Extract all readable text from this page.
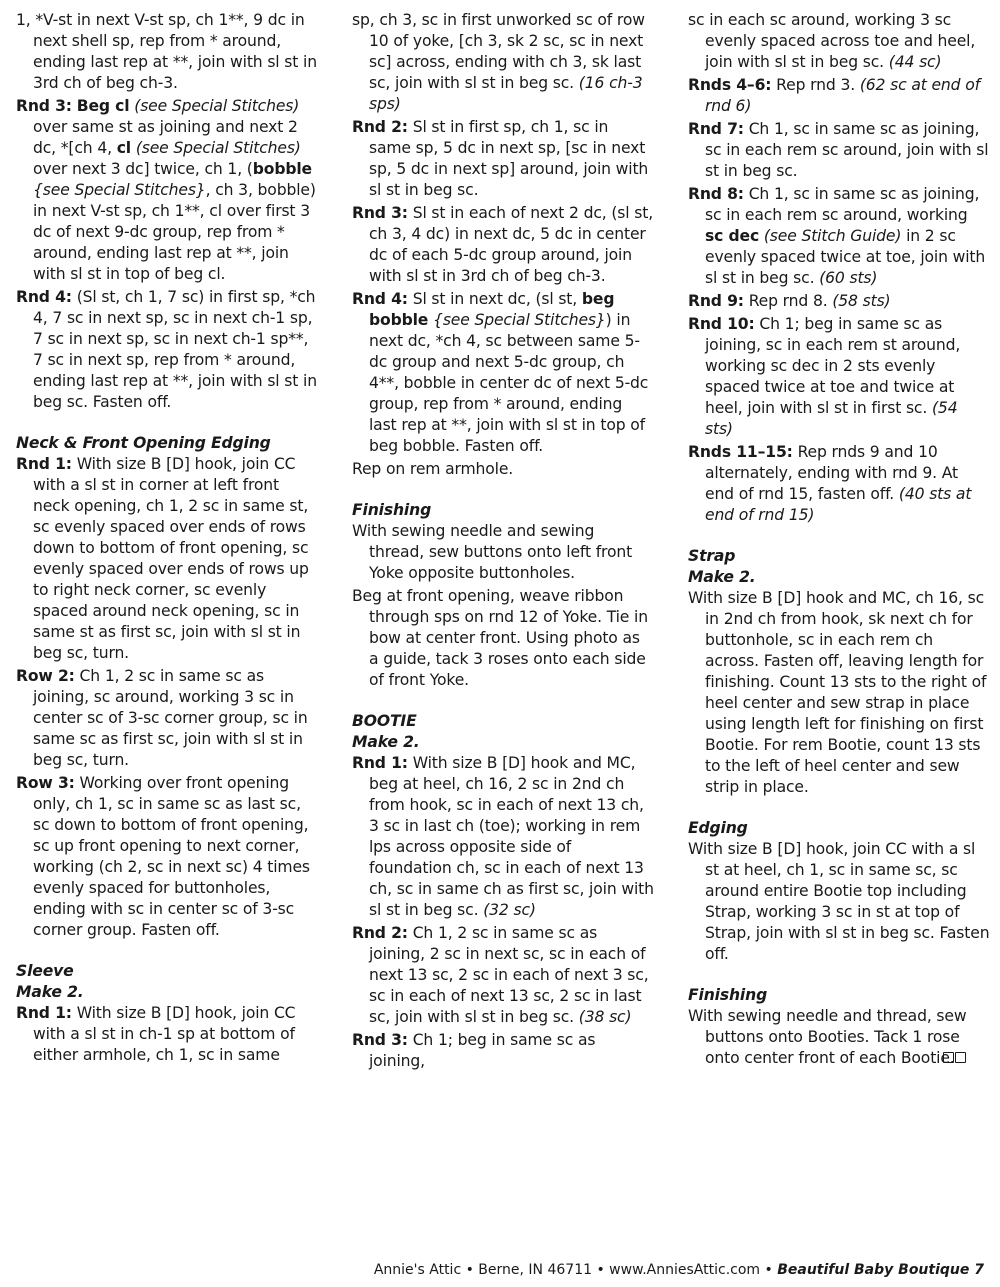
1, *V-st in next V-st sp, ch 1**, 9 dc in next shell sp, rep from * around, ending last rep at **, join with sl st in 3rd ch of beg ch-3.

Rnd 3: Beg cl (see Special Stitches) over same st as joining and next 2 dc, *[ch 4, cl (see Special Stitches) over next 3 dc] twice, ch 1, (bobble {see Special Stitches}, ch 3, bobble) in next V-st sp, ch 1**, cl over first 3 dc of next 9-dc group, rep from * around, ending last rep at **, join with sl st in top of beg cl.

Rnd 4: (Sl st, ch 1, 7 sc) in first sp, *ch 4, 7 sc in next sp, sc in next ch-1 sp, 7 sc in next sp, sc in next ch-1 sp**, 7 sc in next sp, rep from * around, ending last rep at **, join with sl st in beg sc. Fasten off.

Neck & Front Opening Edging

Rnd 1: With size B [D] hook, join CC with a sl st in corner at left front neck opening, ch 1, 2 sc in same st, sc evenly spaced over ends of rows down to bottom of front opening, sc evenly spaced over ends of rows up to right neck corner, sc evenly spaced around neck opening, sc in same st as first sc, join with sl st in beg sc, turn.

Row 2: Ch 1, 2 sc in same sc as joining, sc around, working 3 sc in center sc of 3-sc corner group, sc in same sc as first sc, join with sl st in beg sc, turn.

Row 3: Working over front opening only, ch 1, sc in same sc as last sc, sc down to bottom of front opening, sc up front opening to next corner, working (ch 2, sc in next sc) 4 times evenly spaced for buttonholes, ending with sc in center sc of 3-sc corner group. Fasten off.

Sleeve
Make 2.

Rnd 1: With size B [D] hook, join CC with a sl st in ch-1 sp at bottom of either armhole, ch 1, sc in same

sp, ch 3, sc in first unworked sc of row 10 of yoke, [ch 3, sk 2 sc, sc in next sc] across, ending with ch 3, sk last sc, join with sl st in beg sc. (16 ch-3 sps)

Rnd 2: Sl st in first sp, ch 1, sc in same sp, 5 dc in next sp, [sc in next sp, 5 dc in next sp] around, join with sl st in beg sc.

Rnd 3: Sl st in each of next 2 dc, (sl st, ch 3, 4 dc) in next dc, 5 dc in center dc of each 5-dc group around, join with sl st in 3rd ch of beg ch-3.

Rnd 4: Sl st in next dc, (sl st, beg bobble {see Special Stitches}) in next dc, *ch 4, sc between same 5-dc group and next 5-dc group, ch 4**, bobble in center dc of next 5-dc group, rep from * around, ending last rep at **, join with sl st in top of beg bobble. Fasten off.

Rep on rem armhole.

Finishing

With sewing needle and sewing thread, sew buttons onto left front Yoke opposite buttonholes.

Beg at front opening, weave ribbon through sps on rnd 12 of Yoke. Tie in bow at center front. Using photo as a guide, tack 3 roses onto each side of front Yoke.

BOOTIE
Make 2.

Rnd 1: With size B [D] hook and MC, beg at heel, ch 16, 2 sc in 2nd ch from hook, sc in each of next 13 ch, 3 sc in last ch (toe); working in rem lps across opposite side of foundation ch, sc in each of next 13 ch, sc in same ch as first sc, join with sl st in beg sc. (32 sc)

Rnd 2: Ch 1, 2 sc in same sc as joining, 2 sc in next sc, sc in each of next 13 sc, 2 sc in each of next 3 sc, sc in each of next 13 sc, 2 sc in last sc, join with sl st in beg sc. (38 sc)

Rnd 3: Ch 1; beg in same sc as joining,

sc in each sc around, working 3 sc evenly spaced across toe and heel, join with sl st in beg sc. (44 sc)

Rnds 4–6: Rep rnd 3. (62 sc at end of rnd 6)

Rnd 7: Ch 1, sc in same sc as joining, sc in each rem sc around, join with sl st in beg sc.

Rnd 8: Ch 1, sc in same sc as joining, sc in each rem sc around, working sc dec (see Stitch Guide) in 2 sc evenly spaced twice at toe, join with sl st in beg sc. (60 sts)

Rnd 9: Rep rnd 8. (58 sts)

Rnd 10: Ch 1; beg in same sc as joining, sc in each rem st around, working sc dec in 2 sts evenly spaced twice at toe and twice at heel, join with sl st in first sc. (54 sts)

Rnds 11–15: Rep rnds 9 and 10 alternately, ending with rnd 9. At end of rnd 15, fasten off. (40 sts at end of rnd 15)

Strap
Make 2.

With size B [D] hook and MC, ch 16, sc in 2nd ch from hook, sk next ch for buttonhole, sc in each rem ch across. Fasten off, leaving length for finishing. Count 13 sts to the right of heel center and sew strap in place using length left for finishing on first Bootie. For rem Bootie, count 13 sts to the left of heel center and sew strip in place.

Edging

With size B [D] hook, join CC with a sl st at heel, ch 1, sc in same sc, sc around entire Bootie top including Strap, working 3 sc in st at top of Strap, join with sl st in beg sc. Fasten off.

Finishing

With sewing needle and thread, sew buttons onto Booties. Tack 1 rose onto center front of each Bootie.

Annie's Attic • Berne, IN 46711 • www.AnniesAttic.com • Beautiful Baby Boutique 7
